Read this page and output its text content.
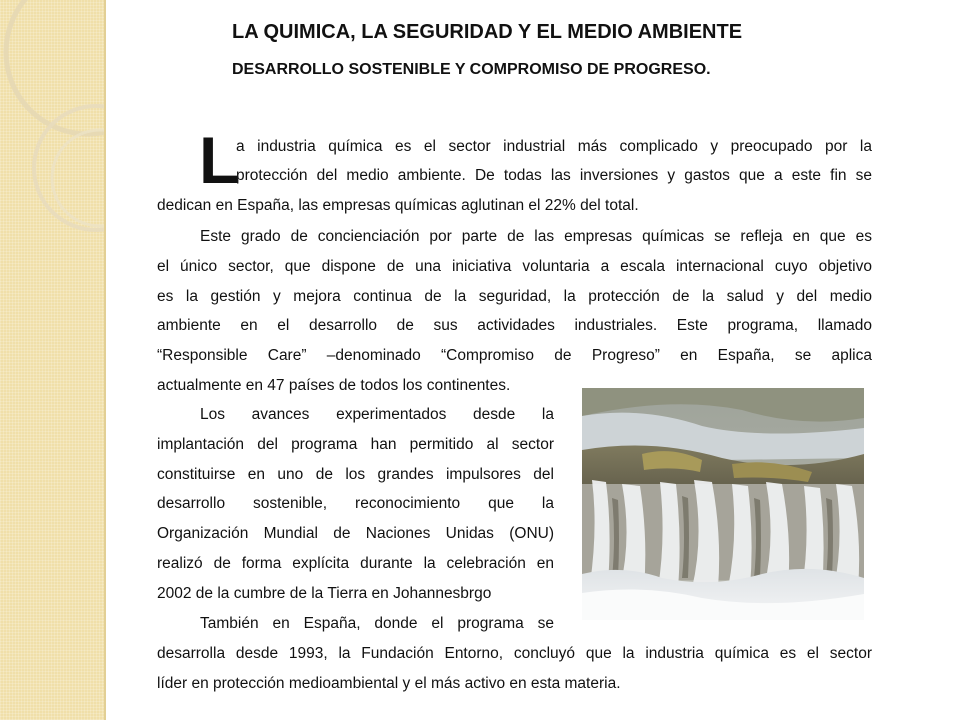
LA QUIMICA, LA SEGURIDAD Y EL MEDIO AMBIENTE
DESARROLLO SOSTENIBLE Y COMPROMISO DE PROGRESO.
L
a industria química es el sector industrial más complicado y preocupado por la
protección del medio ambiente. De todas las inversiones y gastos que a este fin se
dedican en España, las empresas químicas aglutinan el 22% del total.
Este grado de concienciación por parte de las empresas químicas se refleja en que es
el único sector, que dispone de una iniciativa voluntaria a escala internacional cuyo objetivo
es la gestión y mejora continua de la seguridad, la protección de la salud y del medio
ambiente en el desarrollo de sus actividades industriales. Este programa, llamado
“Responsible Care” –denominado “Compromiso de Progreso” en España, se aplica
actualmente en 47 países de todos los continentes.
Los avances experimentados desde la
implantación del programa han permitido al sector
constituirse en uno de los grandes impulsores del
desarrollo sostenible, reconocimiento que la
Organización Mundial de Naciones Unidas (ONU)
realizó de forma explícita durante la celebración en
2002 de la cumbre de la Tierra en Johannesbrgo
También en España, donde el programa se
desarrolla desde 1993, la Fundación Entorno, concluyó que la industria química es el sector
líder en protección medioambiental y el más activo en esta materia.
